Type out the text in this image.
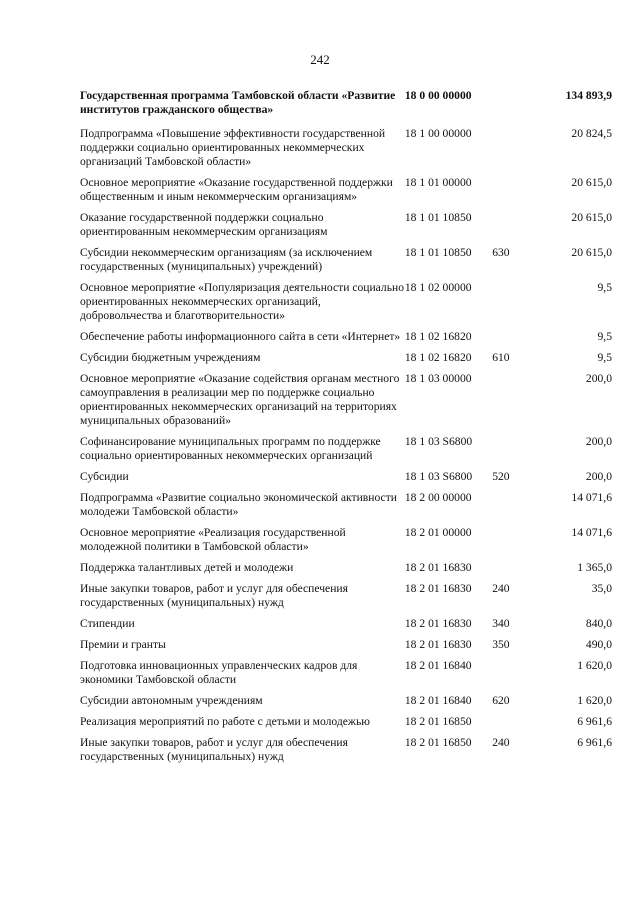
242
Государственная программа Тамбовской области «Развитие институтов гражданского общества»	18 0 00 00000		134 893,9
Подпрограмма «Повышение эффективности государственной поддержки социально ориентированных некоммерческих организаций Тамбовской области»	18 1 00 00000		20 824,5
Основное мероприятие «Оказание государственной поддержки общественным и иным некоммерческим организациям»	18 1 01 00000		20 615,0
Оказание государственной поддержки социально ориентированным некоммерческим организациям	18 1 01 10850		20 615,0
Субсидии некоммерческим организациям (за исключением государственных (муниципальных) учреждений)	18 1 01 10850	630	20 615,0
Основное мероприятие «Популяризация деятельности социально ориентированных некоммерческих организаций, добровольчества и благотворительности»	18 1 02 00000		9,5
Обеспечение работы информационного сайта в сети «Интернет»	18 1 02 16820		9,5
Субсидии бюджетным учреждениям	18 1 02 16820	610	9,5
Основное мероприятие «Оказание содействия органам местного самоуправления в реализации мер по поддержке социально ориентированных некоммерческих организаций на территориях муниципальных образований»	18 1 03 00000		200,0
Софинансирование муниципальных программ по поддержке социально ориентированных некоммерческих организаций	18 1 03 S6800		200,0
Субсидии	18 1 03 S6800	520	200,0
Подпрограмма «Развитие социально экономической активности молодежи Тамбовской области»	18 2 00 00000		14 071,6
Основное мероприятие «Реализация государственной молодежной политики в Тамбовской области»	18 2 01 00000		14 071,6
Поддержка талантливых детей и молодежи	18 2 01 16830		1 365,0
Иные закупки товаров, работ и услуг для обеспечения государственных (муниципальных) нужд	18 2 01 16830	240	35,0
Стипендии	18 2 01 16830	340	840,0
Премии и гранты	18 2 01 16830	350	490,0
Подготовка инновационных управленческих кадров для экономики Тамбовской области	18 2 01 16840		1 620,0
Субсидии автономным учреждениям	18 2 01 16840	620	1 620,0
Реализация мероприятий по работе с детьми и молодежью	18 2 01 16850		6 961,6
Иные закупки товаров, работ и услуг для обеспечения государственных (муниципальных) нужд	18 2 01 16850	240	6 961,6
